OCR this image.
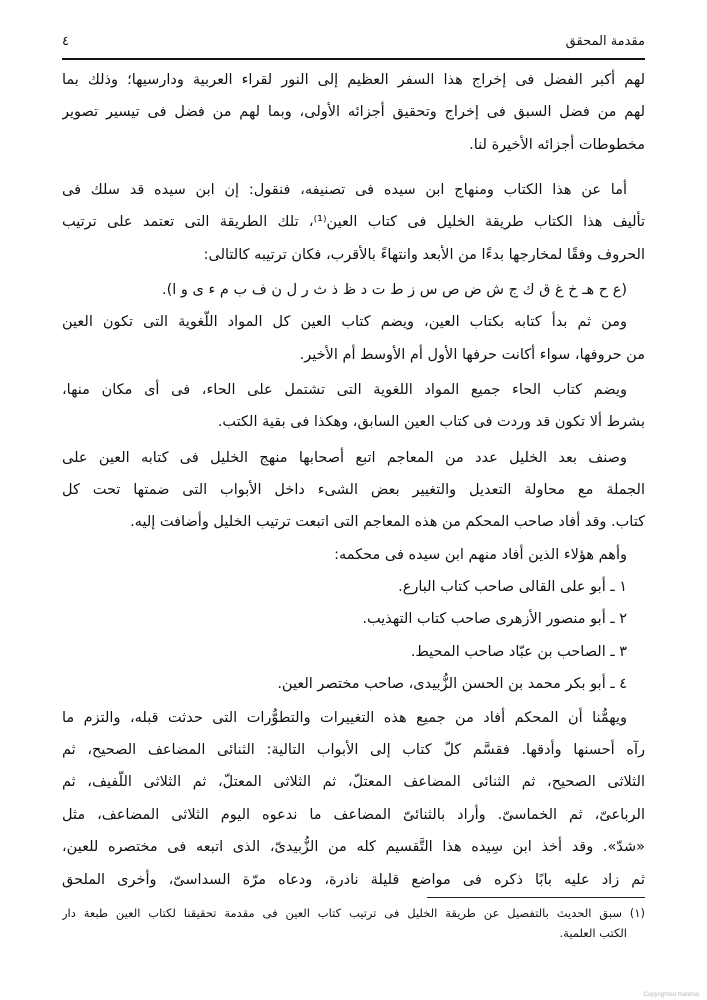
٤	مقدمة المحقق
لهم أكبر الفضل فى إخراج هذا السفر العظيم إلى النور لقراء العربية ودارسيها؛ وذلك بما
لهم من فضل السبق فى إخراج وتحقيق أجزائه الأولى، وبما لهم من فضل فى تيسير تصوير
مخطوطات أجزائه الأخيرة لنا.
أما عن هذا الكتاب ومنهاج ابن سيده فى تصنيفه، فنقول: إن ابن سيده قد سلك فى
تأليف هذا الكتاب طريقة الخليل فى كتاب العين⁽¹⁾، تلك الطريقة التى تعتمد على ترتيب
الحروف وفقًا لمخارجها بدءًا من الأبعد وانتهاءً بالأقرب، فكان ترتيبه كالتالى:
(ع ح هـ خ غ ق ك ج ش ض ص س ز ط ت د ظ ذ ث ر ل ن ف ب م ء ى و ا).
ومن ثم بدأ كتابه بكتاب العين، ويضم كتاب العين كل المواد اللّغوية التى تكون العين
من حروفها، سواء أكانت حرفها الأول أم الأوسط أم الأخير.
ويضم كتاب الحاء جميع المواد اللغوية التى تشتمل على الحاء، فى أى مكان منها،
بشرط ألا تكون قد وردت فى كتاب العين السابق، وهكذا فى بقية الكتب.
وصنف بعد الخليل عدد من المعاجم اتبع أصحابها منهج الخليل فى كتابه العين على
الجملة مع محاولة التعديل والتغيير بعض الشىء داخل الأبواب التى ضمتها تحت كل
كتاب. وقد أفاد صاحب المحكم من هذه المعاجم التى اتبعت ترتيب الخليل وأضافت إليه.
وأهم هؤلاء الذين أفاد منهم ابن سيده فى محكمه:
١ ـ أبو على القالى صاحب كتاب البارع.
٢ ـ أبو منصور الأزهرى صاحب كتاب التهذيب.
٣ ـ الصاحب بن عبّاد صاحب المحيط.
٤ ـ أبو بكر محمد بن الحسن الزُّبيدى، صاحب مختصر العين.
ويهمُّنا أن المحكم أفاد من جميع هذه التغييرات والتطوُّرات التى حدثت قبله، والتزم ما
رآه أحسنها وأدقها. فقسَّم كلّ كتاب إلى الأبواب التالية: الثنائى المضاعف الصحيح، ثم
الثلاثى الصحيح، ثم الثنائى المضاعف المعتلّ، ثم الثلاثى المعتلّ، ثم الثلاثى اللَّفيف، ثم
الرباعىّ، ثم الخماسىّ. وأراد بالثنائىّ المضاعف ما ندعوه اليوم الثلاثى المضاعف، مثل
«شدّ». وقد أخذ ابن سِيده هذا التَّقسيم كله من الزُّبيدىّ، الذى اتبعه فى مختصره للعين،
ثم زاد عليه بابًا ذكره فى مواضع قليلة نادرة، ودعاه مرّة السداسىّ، وأخرى الملحق
(١) سبق الحديث بالتفصيل عن طريقة الخليل فى ترتيب كتاب العين فى مقدمة تحقيقنا لكتاب العين طبعة دار
الكتب العلمية.
Copyrighted material
